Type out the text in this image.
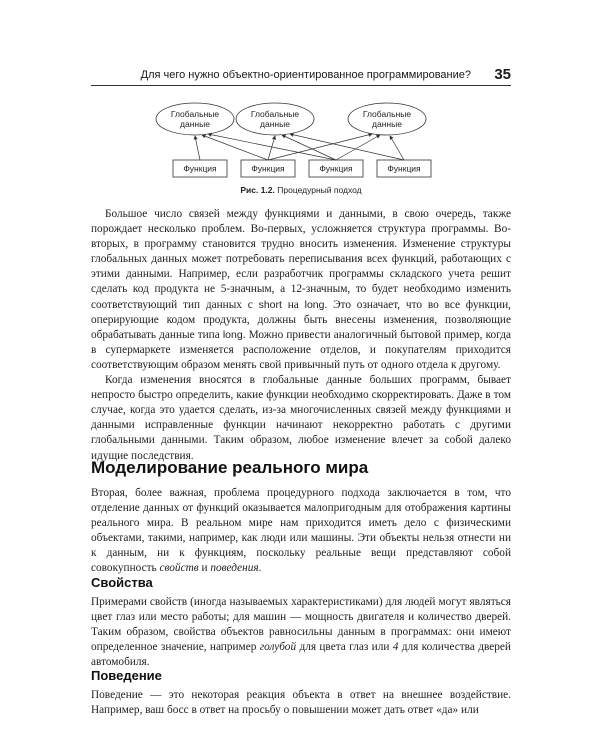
Для чего нужно объектно-ориентированное программирование? 35
Глобальные
данные
Глобальные
данные
Глобальные
данные
Функция	Функция	Функция	Функция
Рис. 1.2. Процедурный подход

Большое число связей между функциями и данными, в свою очередь, также порождает несколько проблем. Во-первых, усложняется структура программы. Во-вторых, в программу становится трудно вносить изменения. Изменение структуры глобальных данных может потребовать переписывания всех функций, работающих с этими данными. Например, если разработчик программы складского учета решит сделать код продукта не 5-значным, а 12-значным, то будет необходимо изменить соответствующий тип данных с short на long. Это означает, что во все функции, оперирующие кодом продукта, должны быть внесены изменения, позволяющие обрабатывать данные типа long. Можно привести аналогичный бытовой пример, когда в супермаркете изменяется расположение отделов, и покупателям приходится соответствующим образом менять свой привычный путь от одного отдела к другому.

Когда изменения вносятся в глобальные данные больших программ, бывает непросто быстро определить, какие функции необходимо скорректировать. Даже в том случае, когда это удается сделать, из-за многочисленных связей между функциями и данными исправленные функции начинают некорректно работать с другими глобальными данными. Таким образом, любое изменение влечет за собой далеко идущие последствия.

Моделирование реального мира

Вторая, более важная, проблема процедурного подхода заключается в том, что отделение данных от функций оказывается малопригодным для отображения картины реального мира. В реальном мире нам приходится иметь дело с физическими объектами, такими, например, как люди или машины. Эти объекты нельзя отнести ни к данным, ни к функциям, поскольку реальные вещи представляют собой совокупность свойств и поведения.

Свойства

Примерами свойств (иногда называемых характеристиками) для людей могут являться цвет глаз или место работы; для машин — мощность двигателя и количество дверей. Таким образом, свойства объектов равносильны данным в программах: они имеют определенное значение, например голубой для цвета глаз или 4 для количества дверей автомобиля.

Поведение

Поведение — это некоторая реакция объекта в ответ на внешнее воздействие. Например, ваш босс в ответ на просьбу о повышении может дать ответ «да» или
